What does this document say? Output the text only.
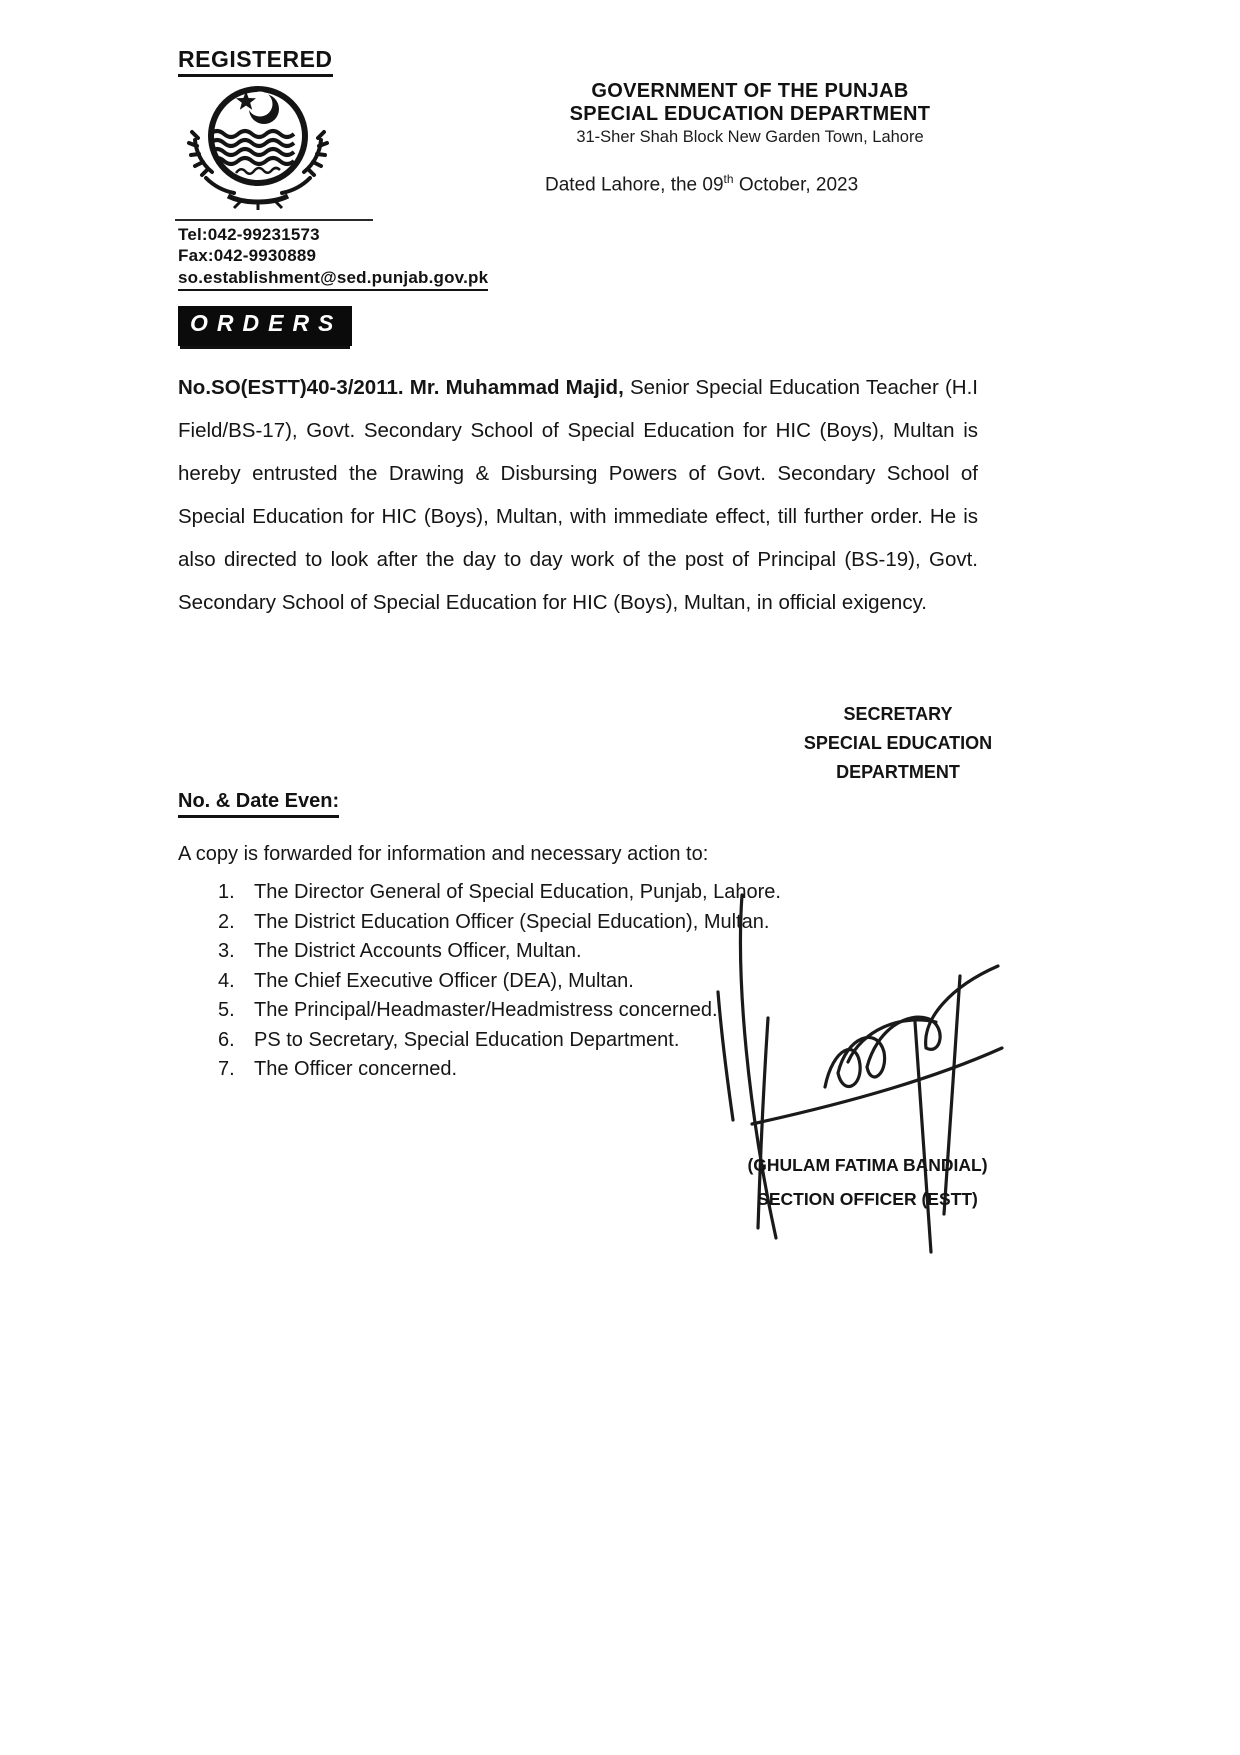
REGISTERED
Tel:042-99231573
Fax:042-9930889
so.establishment@sed.punjab.gov.pk
GOVERNMENT OF THE PUNJAB
SPECIAL EDUCATION DEPARTMENT
31-Sher Shah Block New Garden Town, Lahore
Dated Lahore, the 09th October, 2023
ORDERS
No.SO(ESTT)40-3/2011. Mr. Muhammad Majid, Senior Special Education Teacher (H.I Field/BS-17), Govt. Secondary School of Special Education for HIC (Boys), Multan is hereby entrusted the Drawing & Disbursing Powers of Govt. Secondary School of Special Education for HIC (Boys), Multan, with immediate effect, till further order. He is also directed to look after the day to day work of the post of Principal (BS-19), Govt. Secondary School of Special Education for HIC (Boys), Multan, in official exigency.
SECRETARY
SPECIAL EDUCATION
DEPARTMENT
No. & Date Even:
A copy is forwarded for information and necessary action to:
1. The Director General of Special Education, Punjab, Lahore.
2. The District Education Officer (Special Education), Multan.
3. The District Accounts Officer, Multan.
4. The Chief Executive Officer (DEA), Multan.
5. The Principal/Headmaster/Headmistress concerned.
6. PS to Secretary, Special Education Department.
7. The Officer concerned.
(GHULAM FATIMA BANDIAL)
SECTION OFFICER (ESTT)
